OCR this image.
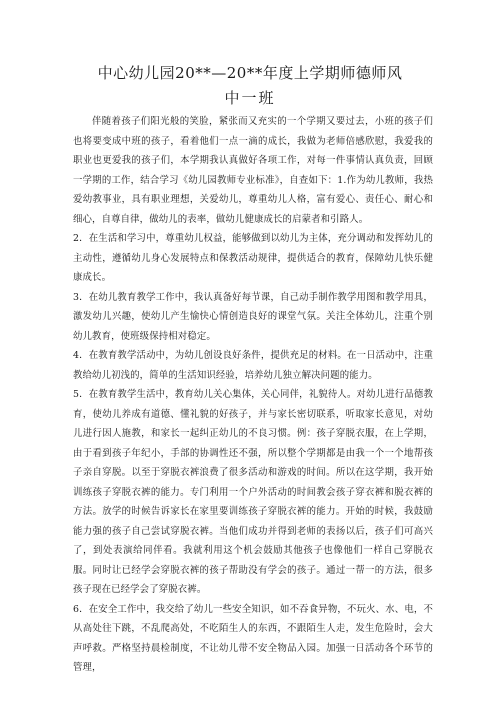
中心幼儿园20**—20**年度上学期师德师风
中一班

伴随着孩子们阳光般的笑脸，紧张而又充实的一个学期又要过去，小班的孩子们也将要变成中班的孩子，看着他们一点一滴的成长，我做为老师倍感欣慰，我爱我的职业也更爱我的孩子们，本学期我认真做好各项工作，对每一件事情认真负责，回顾一学期的工作，结合学习《幼儿园教师专业标准》，自查如下：1.作为幼儿教师，我热爱幼教事业，具有职业理想，关爱幼儿，尊重幼儿人格，富有爱心、责任心、耐心和细心，自尊自律，做幼儿的表率，做幼儿健康成长的启蒙者和引路人。

2．在生活和学习中，尊重幼儿权益，能够做到以幼儿为主体，充分调动和发挥幼儿的主动性，遵循幼儿身心发展特点和保教活动规律，提供适合的教育，保障幼儿快乐健康成长。

3．在幼儿教育教学工作中，我认真备好每节课，自己动手制作教学用图和教学用具，激发幼儿兴趣，使幼儿产生愉快心情创造良好的课堂气氛。关注全体幼儿，注重个别幼儿教育，使班级保持相对稳定。

4．在教育教学活动中，为幼儿创设良好条件，提供充足的材料。在一日活动中，注重教给幼儿初浅的，简单的生活知识经验，培养幼儿独立解决问题的能力。

5．在教育教学生活中，教育幼儿关心集体，关心同伴，礼貌待人。对幼儿进行品德教育，使幼儿养成有道德、懂礼貌的好孩子，并与家长密切联系，听取家长意见，对幼儿进行因人施教，和家长一起纠正幼儿的不良习惯。例：孩子穿脱衣服，在上学期，由于看到孩子年纪小，手部的协调性还不强，所以整个学期都是由我一个一个地帮孩子亲自穿脱。以至于穿脱衣裤浪费了很多活动和游戏的时间。所以在这学期，我开始训练孩子穿脱衣裤的能力。专门利用一个户外活动的时间教会孩子穿衣裤和脱衣裤的方法。放学的时候告诉家长在家里要训练孩子穿脱衣裤的能力。开始的时候，我鼓励能力强的孩子自己尝试穿脱衣裤。当他们成功并得到老师的表扬以后，孩子们可高兴了，到处表演给同伴看。我就利用这个机会鼓励其他孩子也像他们一样自己穿脱衣服。同时让已经学会穿脱衣裤的孩子帮助没有学会的孩子。通过一帮一的方法，很多孩子现在已经学会了穿脱衣裤。

6．在安全工作中，我交给了幼儿一些安全知识，如不吞食异物，不玩火、水、电，不从高处往下跳，不乱爬高处，不吃陌生人的东西，不跟陌生人走，发生危险时，会大声呼救。严格坚持晨检制度，不让幼儿带不安全物品入园。加强一日活动各个环节的管理，
